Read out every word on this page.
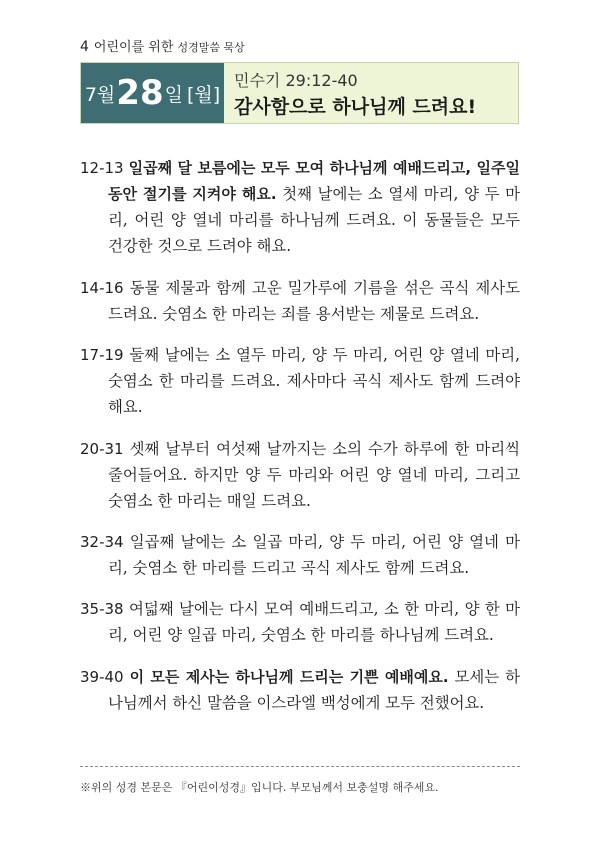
4 어린이를 위한 성경말씀 묵상
7월 28 일 [월]
민수기 29:12-40
감사함으로 하나님께 드려요!

12-13 일곱째 달 보름에는 모두 모여 하나님께 예배드리고, 일주일 동안 절기를 지켜야 해요. 첫째 날에는 소 열세 마리, 양 두 마리, 어린 양 열네 마리를 하나님께 드려요. 이 동물들은 모두 건강한 것으로 드려야 해요.

14-16 동물 제물과 함께 고운 밀가루에 기름을 섞은 곡식 제사도 드려요. 숫염소 한 마리는 죄를 용서받는 제물로 드려요.

17-19 둘째 날에는 소 열두 마리, 양 두 마리, 어린 양 열네 마리, 숫염소 한 마리를 드려요. 제사마다 곡식 제사도 함께 드려야 해요.

20-31 셋째 날부터 여섯째 날까지는 소의 수가 하루에 한 마리씩 줄어들어요. 하지만 양 두 마리와 어린 양 열네 마리, 그리고 숫염소 한 마리는 매일 드려요.

32-34 일곱째 날에는 소 일곱 마리, 양 두 마리, 어린 양 열네 마리, 숫염소 한 마리를 드리고 곡식 제사도 함께 드려요.

35-38 여덟째 날에는 다시 모여 예배드리고, 소 한 마리, 양 한 마리, 어린 양 일곱 마리, 숫염소 한 마리를 하나님께 드려요.

39-40 이 모든 제사는 하나님께 드리는 기쁜 예배예요. 모세는 하나님께서 하신 말씀을 이스라엘 백성에게 모두 전했어요.

※위의 성경 본문은 『어린이성경』입니다. 부모님께서 보충설명 해주세요.
